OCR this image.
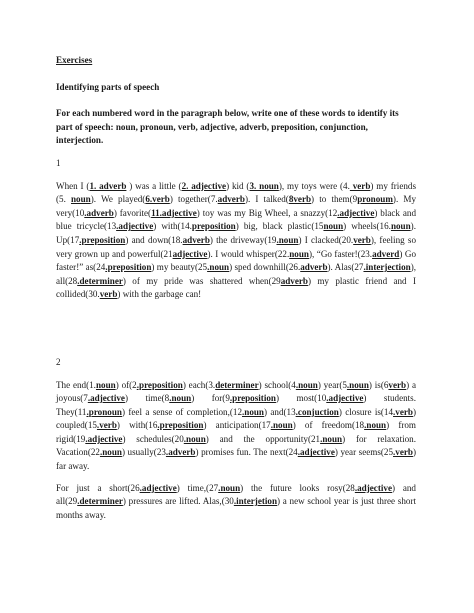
Exercises
Identifying parts of speech
For each numbered word in the paragraph below, write one of these words to identify its part of speech: noun, pronoun, verb, adjective, adverb, preposition, conjunction, interjection.
1

When I (1. adverb ) was a little (2. adjective) kid (3. noun), my toys were (4. verb) my friends (5. noun). We played(6.verb) together(7.adverb). I talked(8verb) to them(9pronoum). My very(10.adverb) favorite(11.adjective) toy was my Big Wheel, a snazzy(12.adjective) black and blue tricycle(13.adjective) with(14.preposition) big, black plastic(15noun) wheels(16.noun). Up(17.preposition) and down(18.adverb) the driveway(19.noun) I clacked(20.verb), feeling so very grown up and powerful(21adjective). I would whisper(22.noun), “Go faster!(23.adverd) Go faster!” as(24.preposition) my beauty(25.noun) sped downhill(26.adverb). Alas(27.interjection), all(28.determiner) of my pride was shattered when(29adverb) my plastic friend and I collided(30.verb) with the garbage can!

2

The end(1.noun) of(2.preposition) each(3.determiner) school(4.noun) year(5.noun) is(6verb) a joyous(7.adjective) time(8.noun) for(9.preposition) most(10.adjective) students. They(11.pronoun) feel a sense of completion,(12.noun) and(13.conjuction) closure is(14.verb) coupled(15.verb) with(16.preposition) anticipation(17.noun) of freedom(18.noun) from rigid(19.adjective) schedules(20.noun) and the opportunity(21.noun) for relaxation. Vacation(22.noun) usually(23.adverb) promises fun. The next(24.adjective) year seems(25.verb) far away.

For just a short(26.adjective) time,(27.noun) the future looks rosy(28.adjective) and all(29.determiner) pressures are lifted. Alas,(30.interjetion) a new school year is just three short months away.
